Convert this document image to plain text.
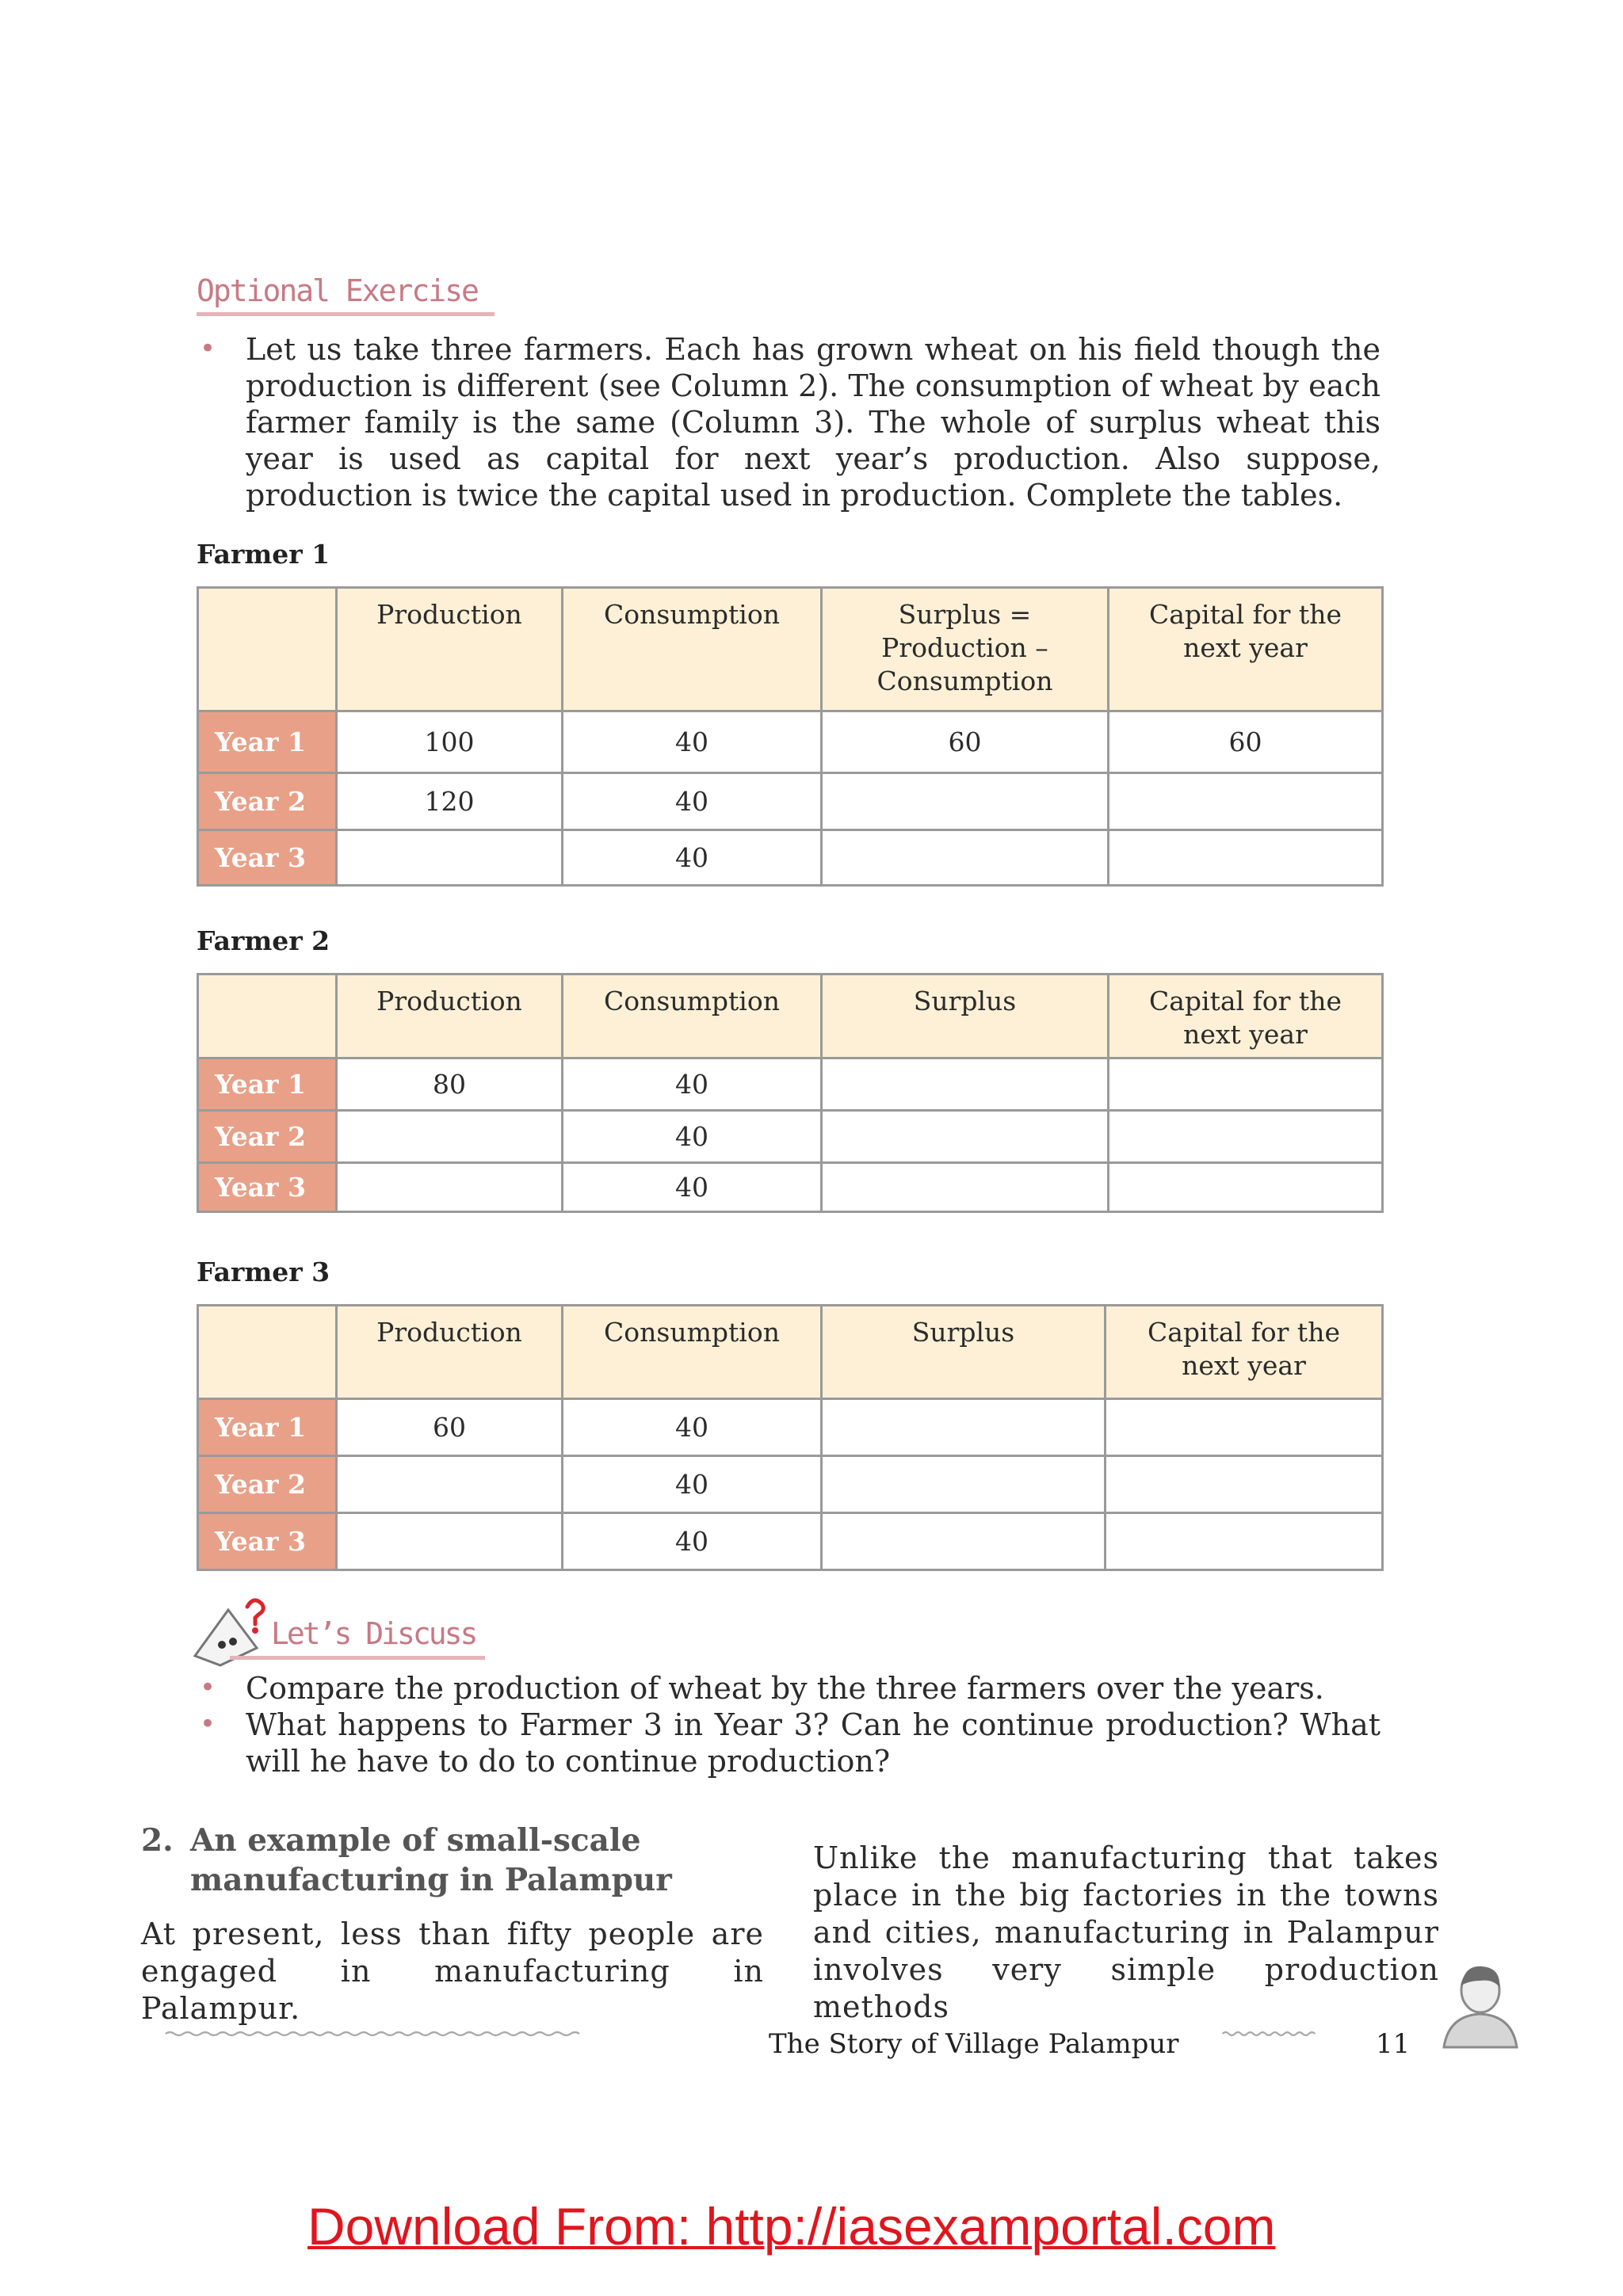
Optional Exercise
• Let us take three farmers. Each has grown wheat on his field though the production is different (see Column 2). The consumption of wheat by each farmer family is the same (Column 3). The whole of surplus wheat this year is used as capital for next year’s production. Also suppose, production is twice the capital used in production. Complete the tables.
Farmer 1
	Production	Consumption	Surplus = Production – Consumption	Capital for the next year
Year 1	100	40	60	60
Year 2	120	40		
Year 3		40		
Farmer 2
	Production	Consumption	Surplus	Capital for the next year
Year 1	80	40		
Year 2		40		
Year 3		40		
Farmer 3
	Production	Consumption	Surplus	Capital for the next year
Year 1	60	40		
Year 2		40		
Year 3		40		
Let’s Discuss
• Compare the production of wheat by the three farmers over the years.
• What happens to Farmer 3 in Year 3? Can he continue production? What will he have to do to continue production?
2. An example of small-scale
manufacturing in Palampur
At present, less than fifty people are engaged in manufacturing in Palampur.
Unlike the manufacturing that takes place in the big factories in the towns and cities, manufacturing in Palampur involves very simple production methods
The Story of Village Palampur	11
Download From: http://iasexamportal.com
